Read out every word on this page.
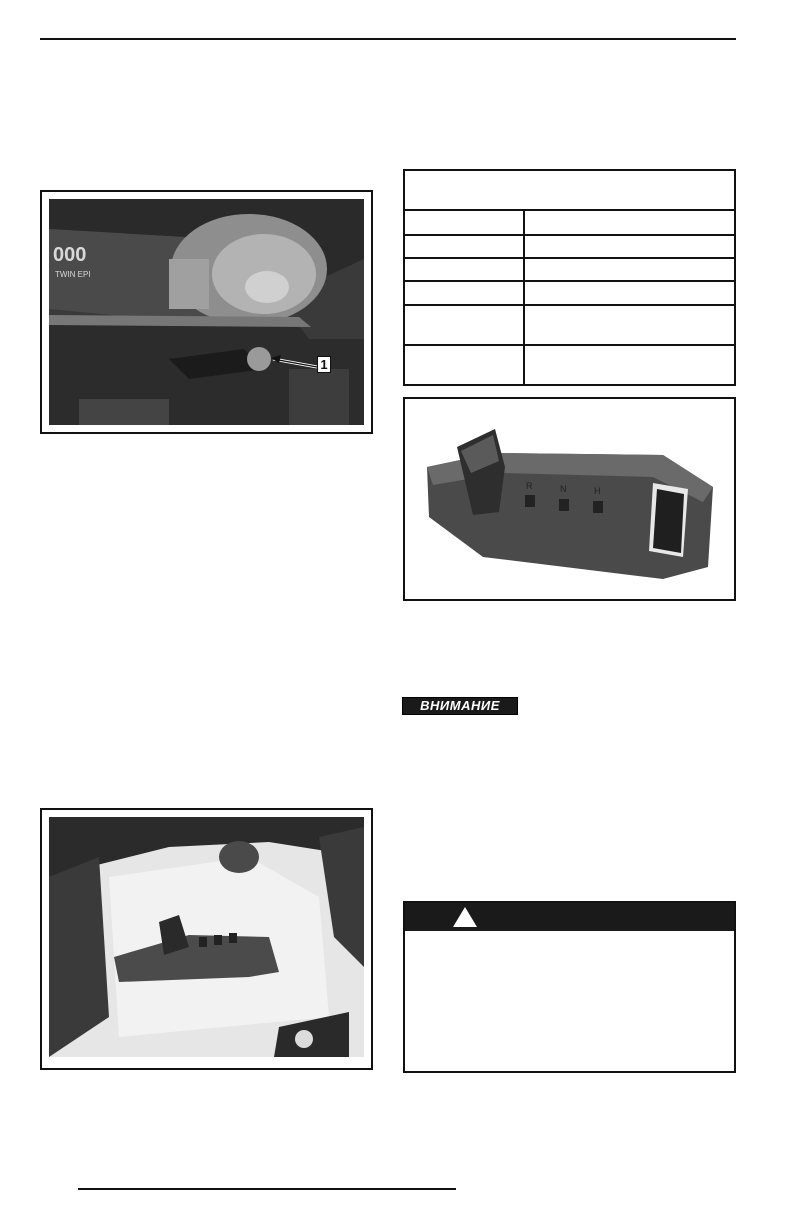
000
TWIN EPI
1
R	N	H
ВНИМАНИЕ
